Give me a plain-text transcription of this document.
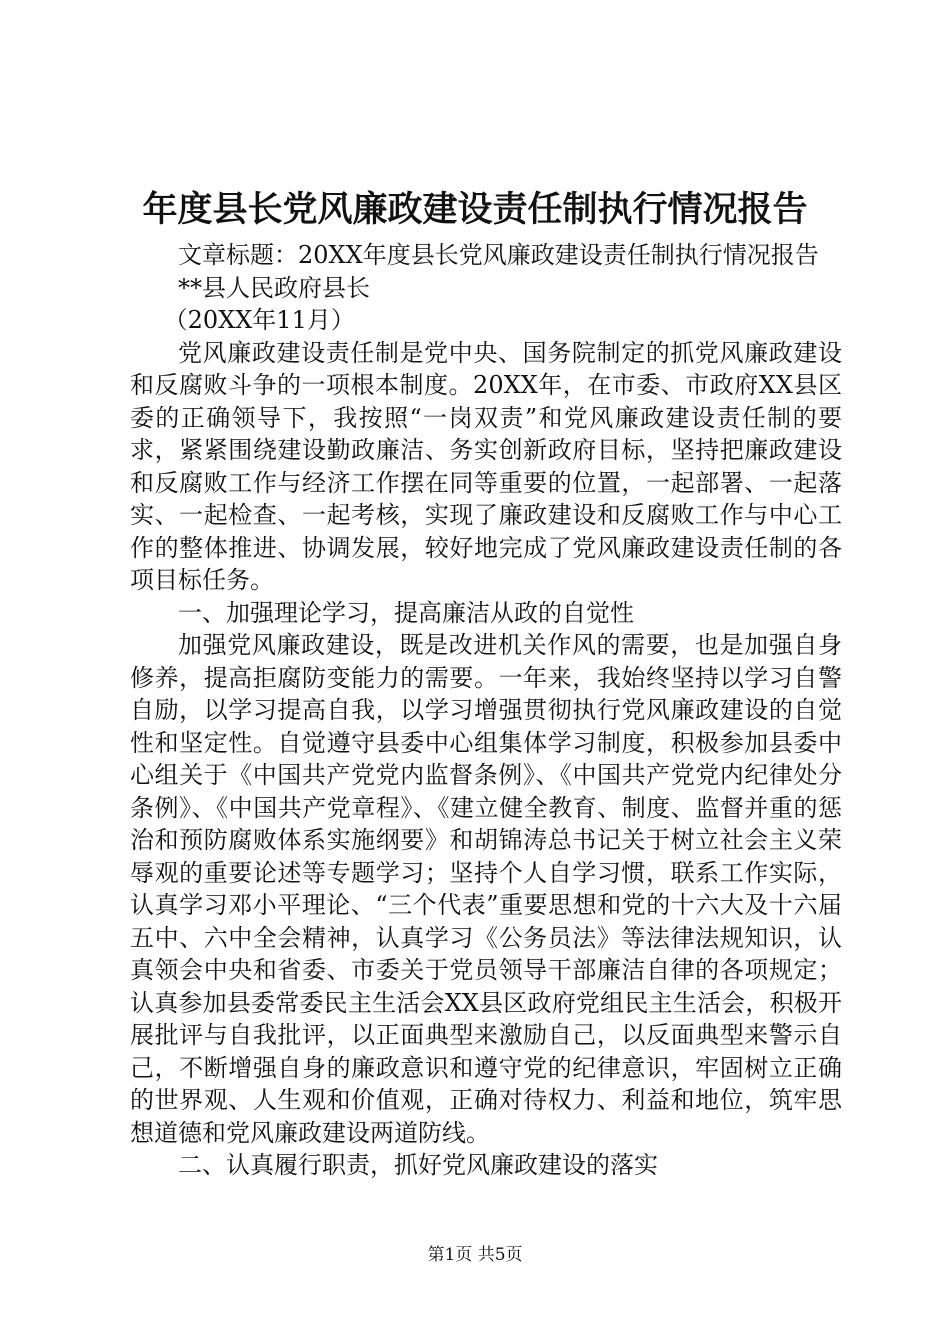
年度县长党风廉政建设责任制执行情况报告

文章标题：20XX年度县长党风廉政建设责任制执行情况报告

**县人民政府县长

（20XX年11月）

党风廉政建设责任制是党中央、国务院制定的抓党风廉政建设和反腐败斗争的一项根本制度。20XX年，在市委、市政府XX县区委的正确领导下，我按照“一岗双责”和党风廉政建设责任制的要求，紧紧围绕建设勤政廉洁、务实创新政府目标，坚持把廉政建设和反腐败工作与经济工作摆在同等重要的位置，一起部署、一起落实、一起检查、一起考核，实现了廉政建设和反腐败工作与中心工作的整体推进、协调发展，较好地完成了党风廉政建设责任制的各项目标任务。

一、加强理论学习，提高廉洁从政的自觉性

加强党风廉政建设，既是改进机关作风的需要，也是加强自身修养，提高拒腐防变能力的需要。一年来，我始终坚持以学习自警自励，以学习提高自我，以学习增强贯彻执行党风廉政建设的自觉性和坚定性。自觉遵守县委中心组集体学习制度，积极参加县委中心组关于《中国共产党党内监督条例》、《中国共产党党内纪律处分条例》、《中国共产党章程》、《建立健全教育、制度、监督并重的惩治和预防腐败体系实施纲要》和胡锦涛总书记关于树立社会主义荣辱观的重要论述等专题学习；坚持个人自学习惯，联系工作实际，认真学习邓小平理论、“三个代表”重要思想和党的十六大及十六届五中、六中全会精神，认真学习《公务员法》等法律法规知识，认真领会中央和省委、市委关于党员领导干部廉洁自律的各项规定；认真参加县委常委民主生活会XX县区政府党组民主生活会，积极开展批评与自我批评，以正面典型来激励自己，以反面典型来警示自己，不断增强自身的廉政意识和遵守党的纪律意识，牢固树立正确的世界观、人生观和价值观，正确对待权力、利益和地位，筑牢思想道德和党风廉政建设两道防线。

二、认真履行职责，抓好党风廉政建设的落实

第1页 共5页
